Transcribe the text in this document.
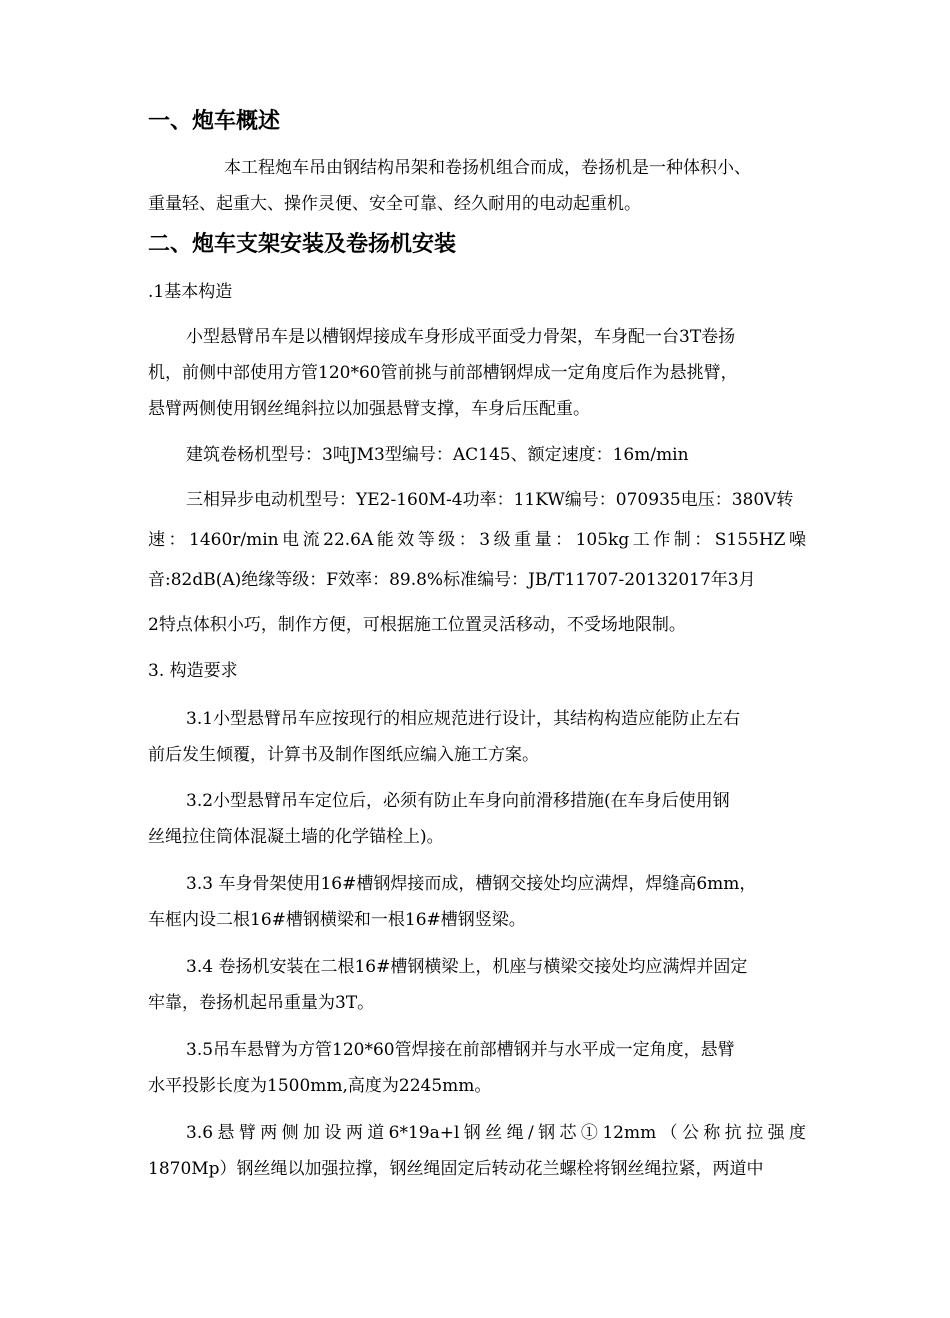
一、炮车概述
本工程炮车吊由钢结构吊架和卷扬机组合而成，卷扬机是一种体积小、
重量轻、起重大、操作灵便、安全可靠、经久耐用的电动起重机。
二、炮车支架安装及卷扬机安装
.1基本构造
小型悬臂吊车是以槽钢焊接成车身形成平面受力骨架，车身配一台3T卷扬
机，前侧中部使用方管120*60管前挑与前部槽钢焊成一定角度后作为悬挑臂，
悬臂两侧使用钢丝绳斜拉以加强悬臂支撑，车身后压配重。
建筑卷杨机型号：3吨JM3型编号：AC145、额定速度：16m/min
三相异步电动机型号：YE2-160M-4功率：11KW编号：070935电压：380V转
速：1460r/min电流22.6A能效等级：3级重量：105kg工作制：S155HZ噪
音:82dB(A)绝缘等级：F效率：89.8%标准编号：JB/T11707-20132017年3月
2特点体积小巧，制作方便，可根据施工位置灵活移动，不受场地限制。
3. 构造要求
3.1小型悬臂吊车应按现行的相应规范进行设计，其结构构造应能防止左右
前后发生倾覆，计算书及制作图纸应编入施工方案。
3.2小型悬臂吊车定位后，必须有防止车身向前滑移措施(在车身后使用钢
丝绳拉住筒体混凝土墙的化学锚栓上)。
3.3 车身骨架使用16#槽钢焊接而成，槽钢交接处均应满焊，焊缝高6mm，
车框内设二根16#槽钢横梁和一根16#槽钢竖梁。
3.4 卷扬机安装在二根16#槽钢横梁上，机座与横梁交接处均应满焊并固定
牢靠，卷扬机起吊重量为3T。
3.5吊车悬臂为方管120*60管焊接在前部槽钢并与水平成一定角度，悬臂
水平投影长度为1500mm,高度为2245mm。
3.6悬臂两侧加设两道6*19a+l钢丝绳/钢芯①12mm（公称抗拉强度
1870Mp）钢丝绳以加强拉撑，钢丝绳固定后转动花兰螺栓将钢丝绳拉紧，两道中
